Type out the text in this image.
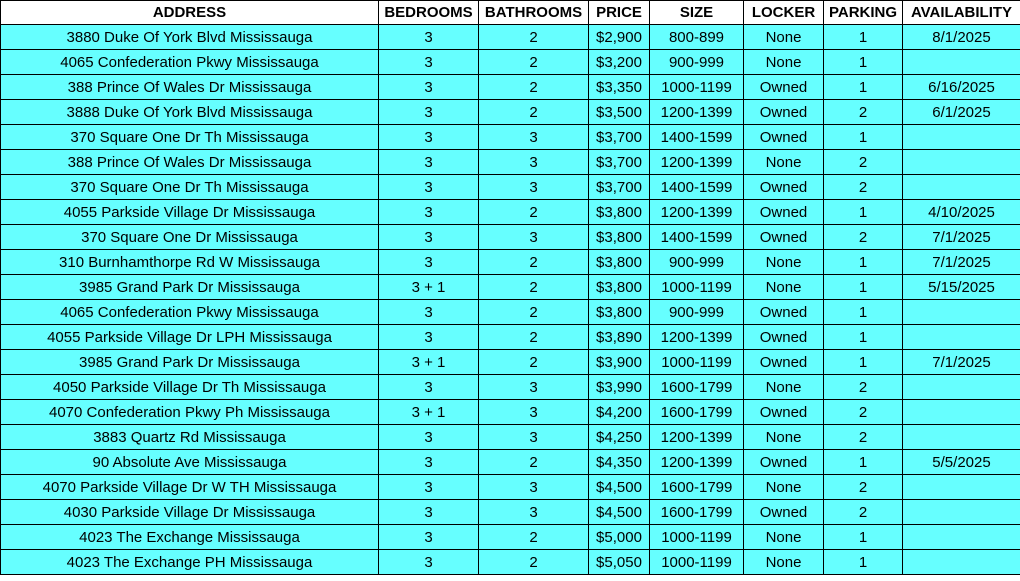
ADDRESS	BEDROOMS	BATHROOMS	PRICE	SIZE	LOCKER	PARKING	AVAILABILITY
3880 Duke Of York Blvd Mississauga	3	2	$2,900	800-899	None	1	8/1/2025
4065 Confederation Pkwy Mississauga	3	2	$3,200	900-999	None	1	
388 Prince Of Wales Dr Mississauga	3	2	$3,350	1000-1199	Owned	1	6/16/2025
3888 Duke Of York Blvd Mississauga	3	2	$3,500	1200-1399	Owned	2	6/1/2025
370 Square One Dr Th Mississauga	3	3	$3,700	1400-1599	Owned	1	
388 Prince Of Wales Dr Mississauga	3	3	$3,700	1200-1399	None	2	
370 Square One Dr Th Mississauga	3	3	$3,700	1400-1599	Owned	2	
4055 Parkside Village Dr Mississauga	3	2	$3,800	1200-1399	Owned	1	4/10/2025
370 Square One Dr Mississauga	3	3	$3,800	1400-1599	Owned	2	7/1/2025
310 Burnhamthorpe Rd W Mississauga	3	2	$3,800	900-999	None	1	7/1/2025
3985 Grand Park Dr Mississauga	3 + 1	2	$3,800	1000-1199	None	1	5/15/2025
4065 Confederation Pkwy Mississauga	3	2	$3,800	900-999	Owned	1	
4055 Parkside Village Dr LPH Mississauga	3	2	$3,890	1200-1399	Owned	1	
3985 Grand Park Dr Mississauga	3 + 1	2	$3,900	1000-1199	Owned	1	7/1/2025
4050 Parkside Village Dr Th Mississauga	3	3	$3,990	1600-1799	None	2	
4070 Confederation Pkwy Ph Mississauga	3 + 1	3	$4,200	1600-1799	Owned	2	
3883 Quartz Rd Mississauga	3	3	$4,250	1200-1399	None	2	
90 Absolute Ave Mississauga	3	2	$4,350	1200-1399	Owned	1	5/5/2025
4070 Parkside Village Dr W TH Mississauga	3	3	$4,500	1600-1799	None	2	
4030 Parkside Village Dr Mississauga	3	3	$4,500	1600-1799	Owned	2	
4023 The Exchange Mississauga	3	2	$5,000	1000-1199	None	1	
4023 The Exchange PH Mississauga	3	2	$5,050	1000-1199	None	1	
